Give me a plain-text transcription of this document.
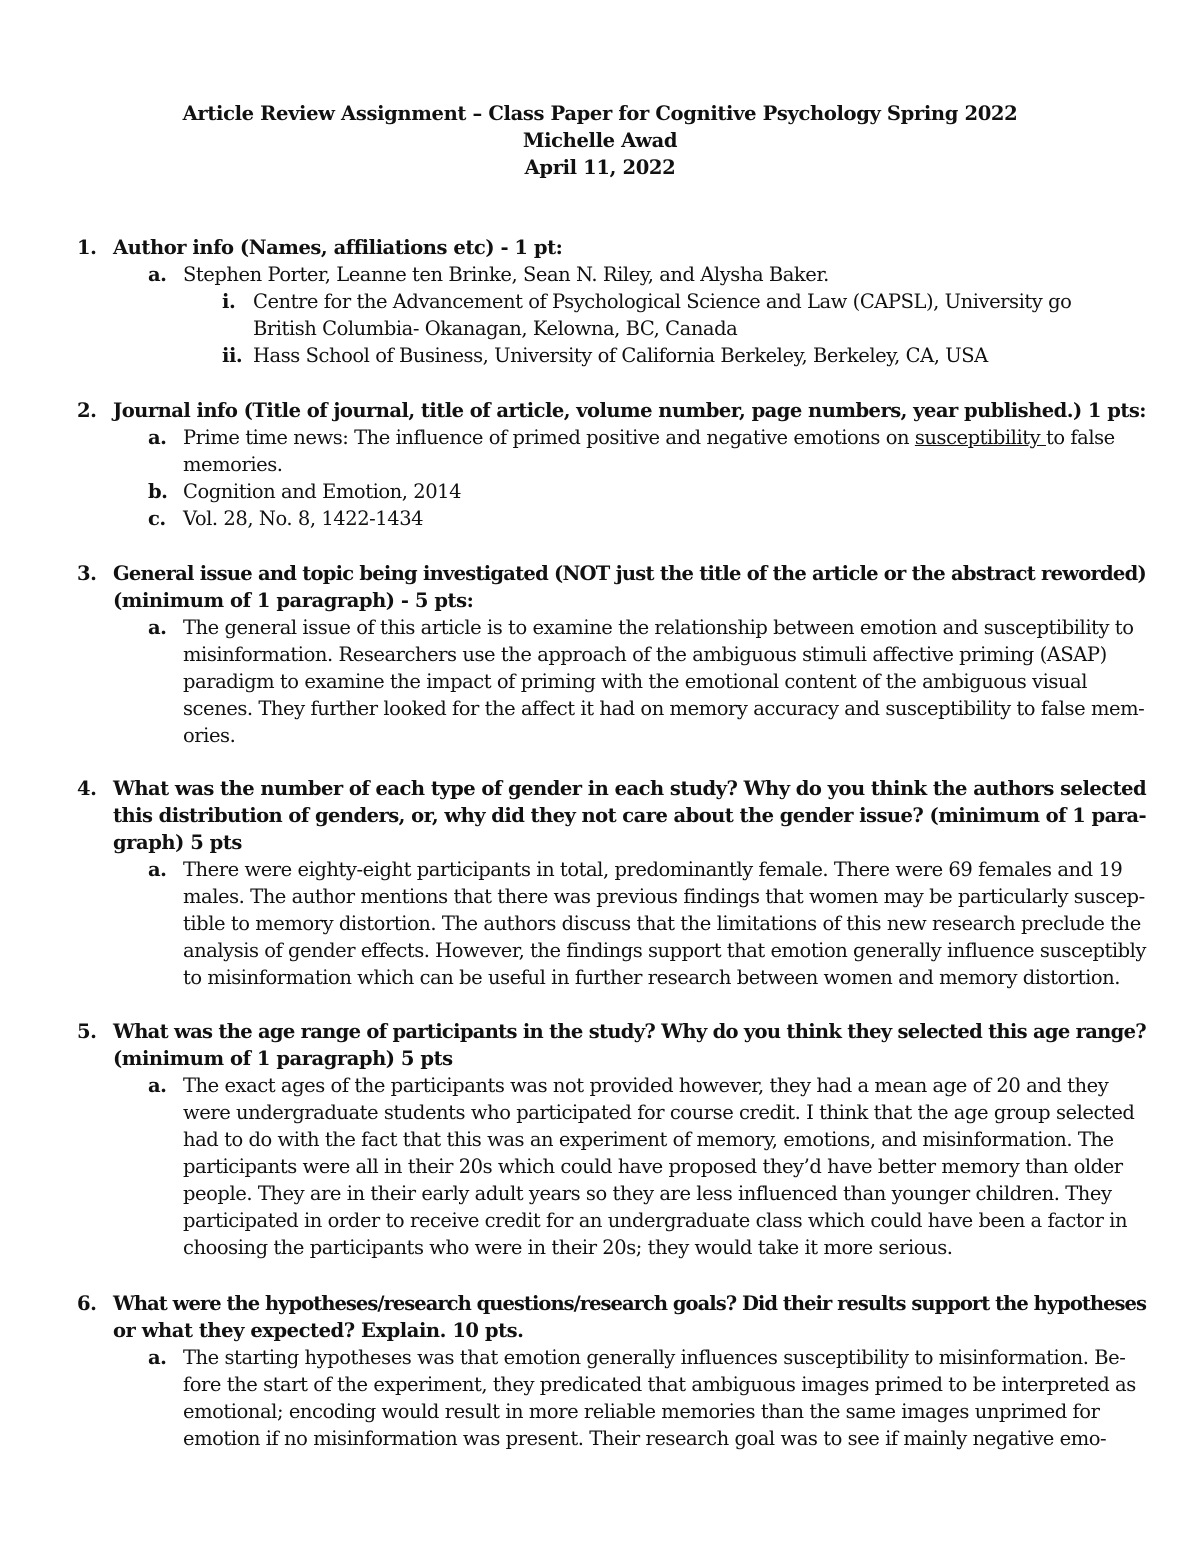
Article Review Assignment – Class Paper for Cognitive Psychology Spring 2022
Michelle Awad
April 11, 2022
1. Author info (Names, affiliations etc) - 1 pt:
a. Stephen Porter, Leanne ten Brinke, Sean N. Riley, and Alysha Baker.
i. Centre for the Advancement of Psychological Science and Law (CAPSL), University go
British Columbia- Okanagan, Kelowna, BC, Canada
ii. Hass School of Business, University of California Berkeley, Berkeley, CA, USA
2. Journal info (Title of journal, title of article, volume number, page numbers, year published.) 1 pts:
a. Prime time news: The influence of primed positive and negative emotions on susceptibility to false
memories.
b. Cognition and Emotion, 2014
c. Vol. 28, No. 8, 1422-1434
3. General issue and topic being investigated (NOT just the title of the article or the abstract reworded)
(minimum of 1 paragraph) - 5 pts:
a. The general issue of this article is to examine the relationship between emotion and susceptibility to
misinformation. Researchers use the approach of the ambiguous stimuli affective priming (ASAP)
paradigm to examine the impact of priming with the emotional content of the ambiguous visual
scenes. They further looked for the affect it had on memory accuracy and susceptibility to false mem-
ories.
4. What was the number of each type of gender in each study? Why do you think the authors selected
this distribution of genders, or, why did they not care about the gender issue? (minimum of 1 para-
graph) 5 pts
a. There were eighty-eight participants in total, predominantly female. There were 69 females and 19
males. The author mentions that there was previous findings that women may be particularly suscep-
tible to memory distortion. The authors discuss that the limitations of this new research preclude the
analysis of gender effects. However, the findings support that emotion generally influence susceptibly
to misinformation which can be useful in further research between women and memory distortion.
5. What was the age range of participants in the study? Why do you think they selected this age range?
(minimum of 1 paragraph) 5 pts
a. The exact ages of the participants was not provided however, they had a mean age of 20 and they
were undergraduate students who participated for course credit. I think that the age group selected
had to do with the fact that this was an experiment of memory, emotions, and misinformation. The
participants were all in their 20s which could have proposed they’d have better memory than older
people. They are in their early adult years so they are less influenced than younger children. They
participated in order to receive credit for an undergraduate class which could have been a factor in
choosing the participants who were in their 20s; they would take it more serious.
6. What were the hypotheses/research questions/research goals? Did their results support the hypotheses
or what they expected? Explain. 10 pts.
a. The starting hypotheses was that emotion generally influences susceptibility to misinformation. Be-
fore the start of the experiment, they predicated that ambiguous images primed to be interpreted as
emotional; encoding would result in more reliable memories than the same images unprimed for
emotion if no misinformation was present. Their research goal was to see if mainly negative emo-
